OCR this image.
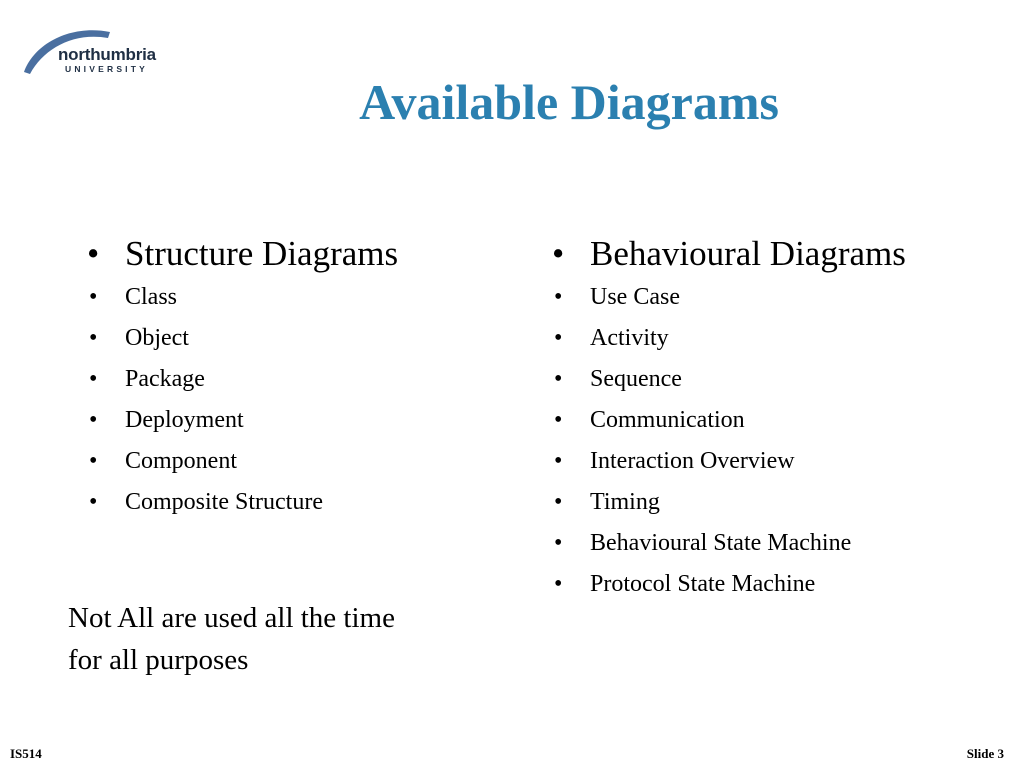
northumbria
UNIVERSITY
Available Diagrams
• Structure Diagrams
• Class
• Object
• Package
• Deployment
• Component
• Composite Structure
• Behavioural Diagrams
• Use Case
• Activity
• Sequence
• Communication
• Interaction Overview
• Timing
• Behavioural State Machine
• Protocol State Machine

Not All are used all the time
for all purposes

IS514	Slide 3
